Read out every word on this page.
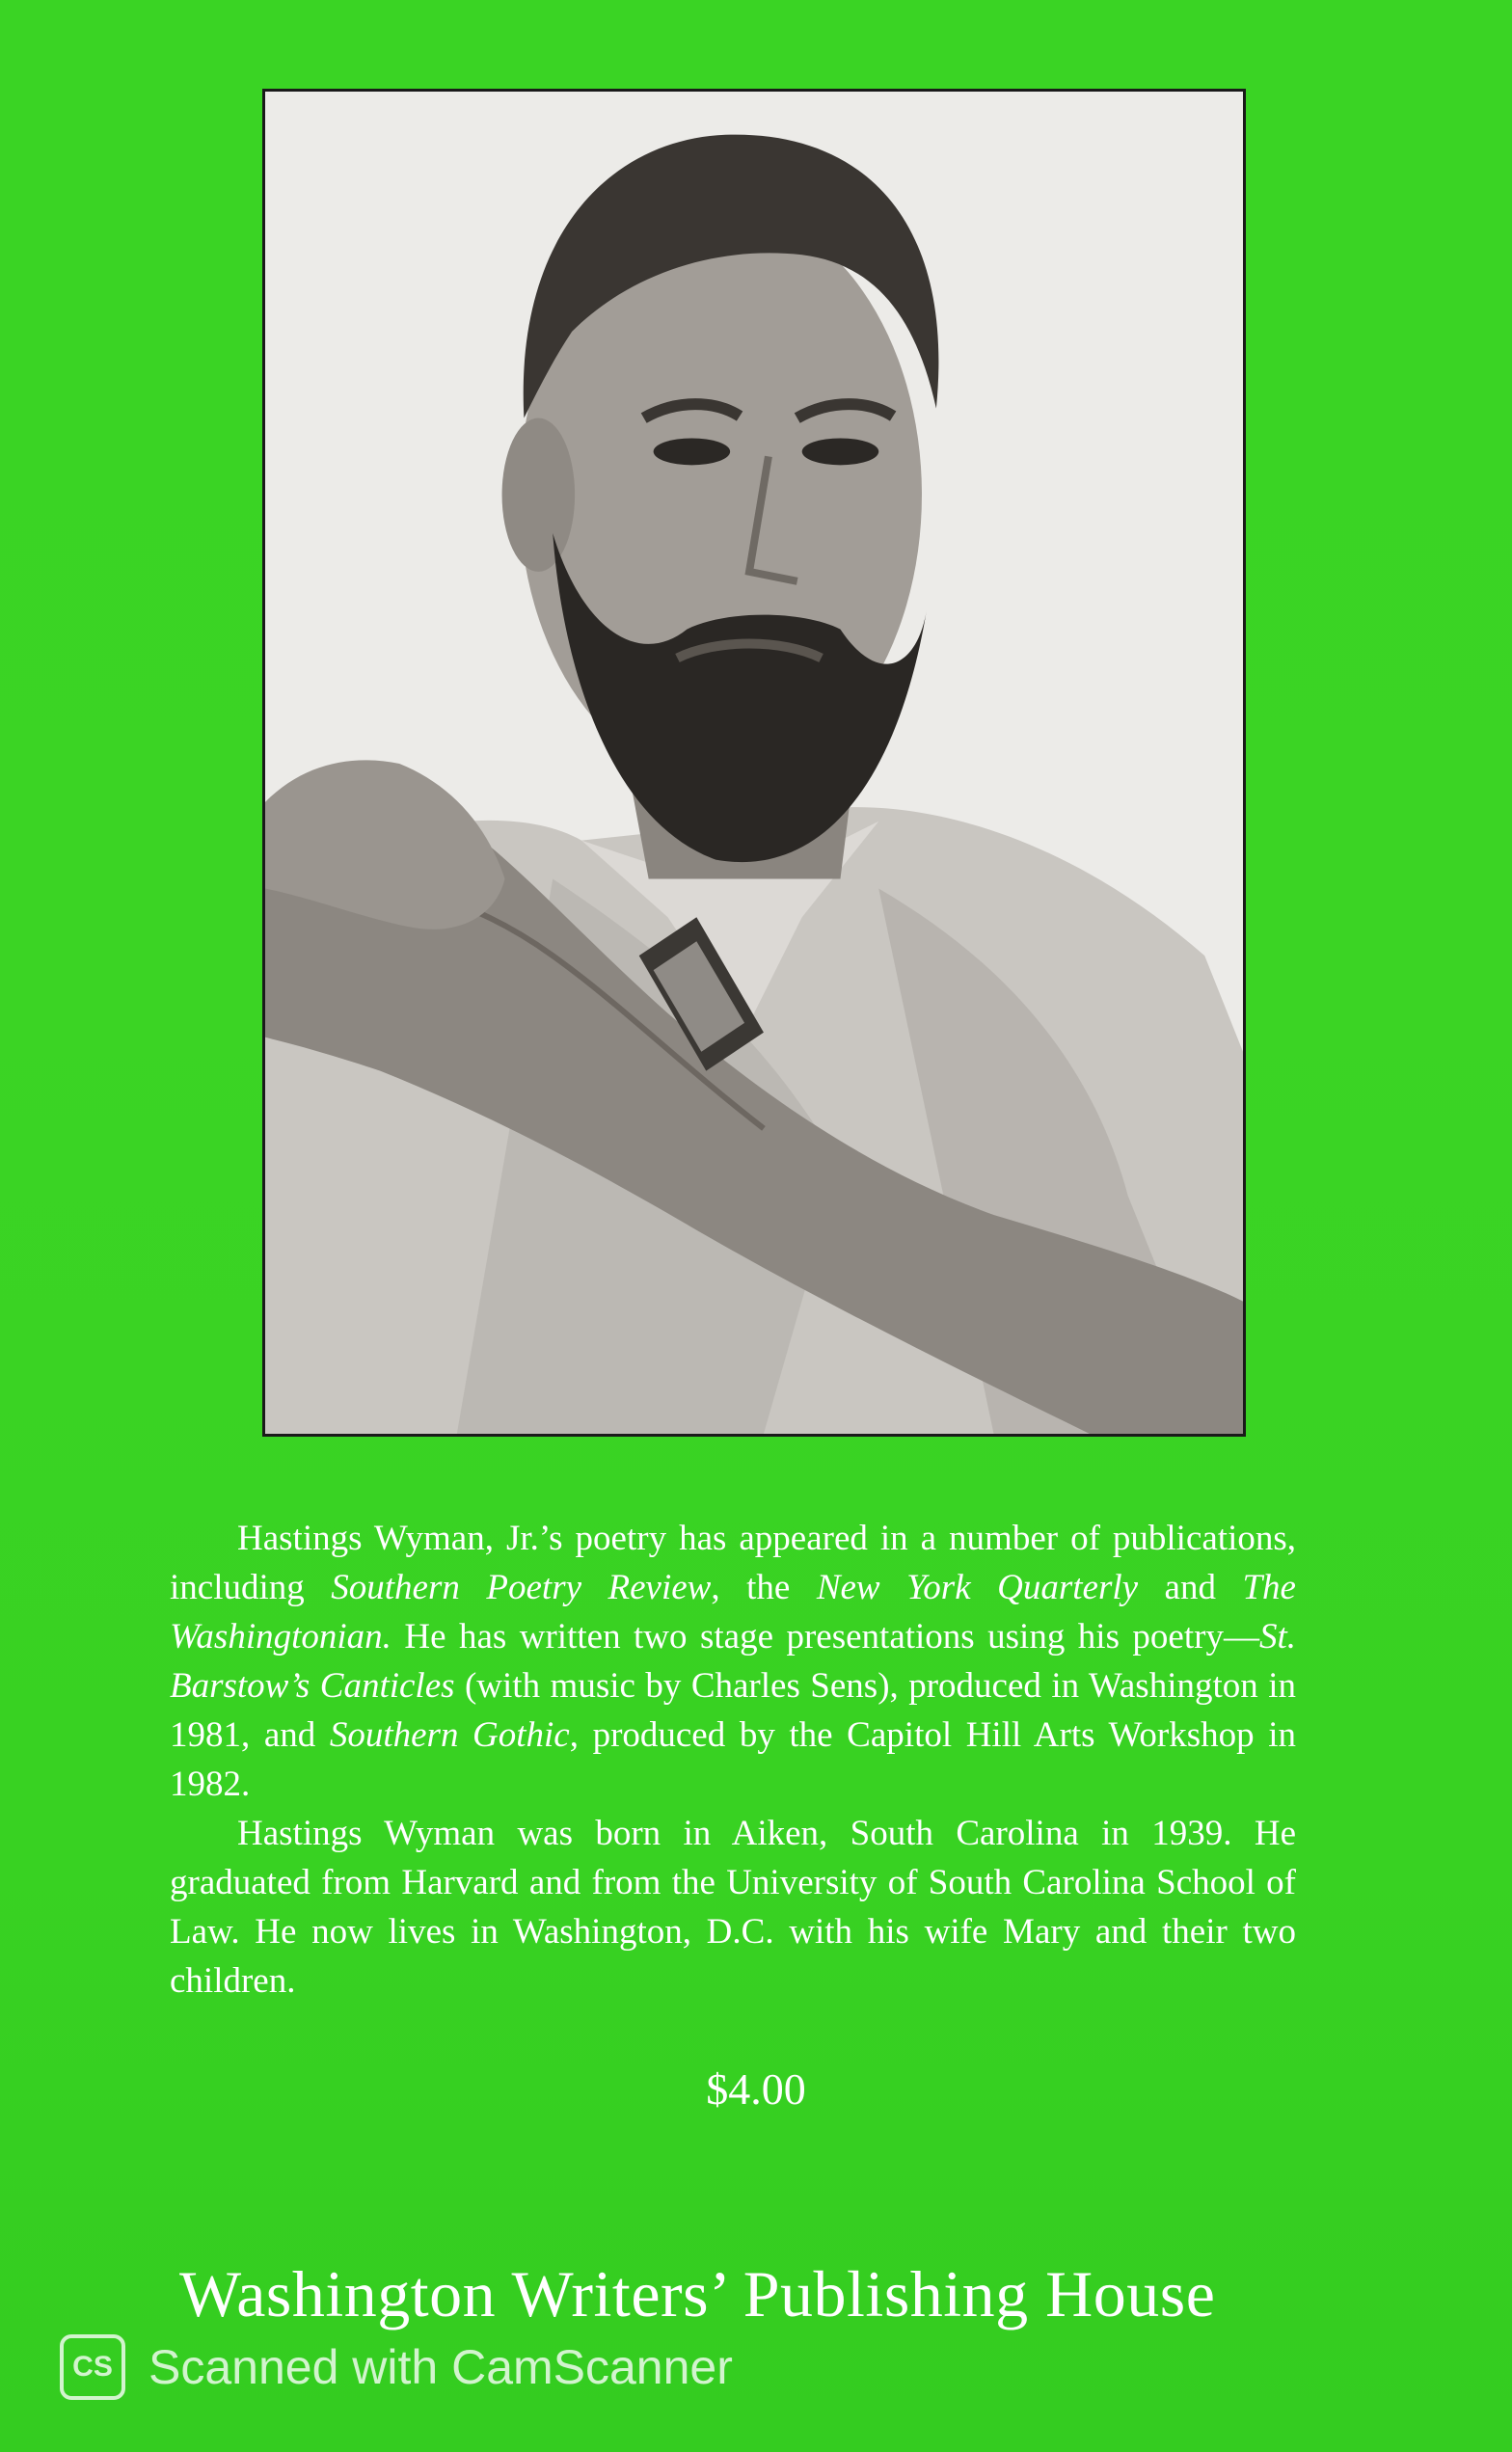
Hastings Wyman, Jr.’s poetry has appeared in a number of publications, including Southern Poetry Review, the New York Quarterly and The Washingtonian. He has written two stage presentations using his poetry—St. Barstow’s Canticles (with music by Charles Sens), produced in Washington in 1981, and Southern Gothic, produced by the Capitol Hill Arts Workshop in 1982.

Hastings Wyman was born in Aiken, South Carolina in 1939. He graduated from Harvard and from the University of South Carolina School of Law. He now lives in Washington, D.C. with his wife Mary and their two children.

$4.00
Washington Writers’ Publishing House
CS Scanned with CamScanner
